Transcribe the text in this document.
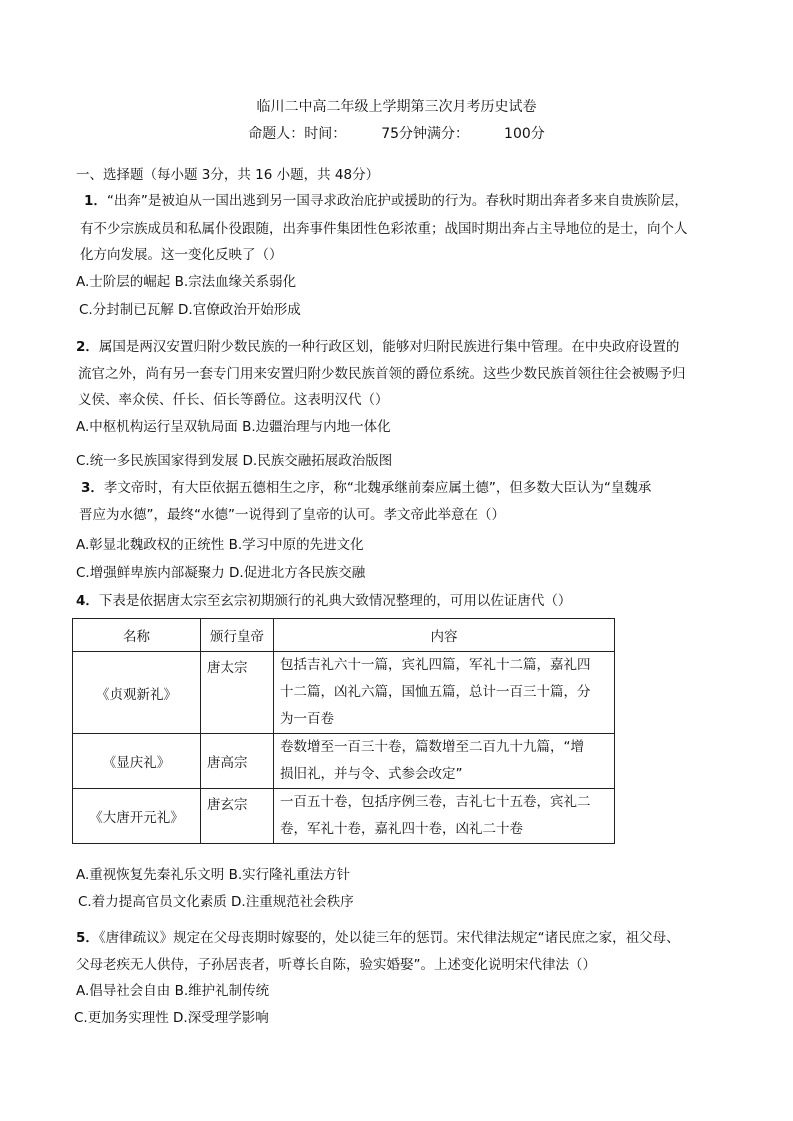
临川二中高二年级上学期第三次月考历史试卷
命题人：时间：　　　75分钟满分：　　　100分
一、选择题（每小题 3分，共 16 小题，共 48分）
1．“出奔”是被迫从一国出逃到另一国寻求政治庇护或援助的行为。春秋时期出奔者多来自贵族阶层，
有不少宗族成员和私属仆役跟随，出奔事件集团性色彩浓重；战国时期出奔占主导地位的是士，向个人
化方向发展。这一变化反映了（）
A.士阶层的崛起 B.宗法血缘关系弱化
C.分封制已瓦解 D.官僚政治开始形成
2．属国是两汉安置归附少数民族的一种行政区划，能够对归附民族进行集中管理。在中央政府设置的
流官之外，尚有另一套专门用来安置归附少数民族首领的爵位系统。这些少数民族首领往往会被赐予归
义侯、率众侯、仟长、佰长等爵位。这表明汉代（）
A.中枢机构运行呈双轨局面 B.边疆治理与内地一体化
C.统一多民族国家得到发展 D.民族交融拓展政治版图
3．孝文帝时，有大臣依据五德相生之序，称“北魏承继前秦应属土德”，但多数大臣认为“皇魏承
晋应为水德”，最终“水德”一说得到了皇帝的认可。孝文帝此举意在（）
A.彰显北魏政权的正统性 B.学习中原的先进文化
C.增强鲜卑族内部凝聚力 D.促进北方各民族交融
4．下表是依据唐太宗至玄宗初期颁行的礼典大致情况整理的，可用以佐证唐代（）
名称	颁行皇帝	内容
《贞观新礼》	唐太宗	包括吉礼六十一篇，宾礼四篇，军礼十二篇，嘉礼四
十二篇，凶礼六篇，国恤五篇，总计一百三十篇，分
为一百卷

《显庆礼》	唐高宗	卷数增至一百三十卷，篇数增至二百九十九篇，“增
损旧礼，并与令、式参会改定”

《大唐开元礼》	唐玄宗	一百五十卷，包括序例三卷，吉礼七十五卷，宾礼二
卷，军礼十卷，嘉礼四十卷，凶礼二十卷
A.重视恢复先秦礼乐文明 B.实行隆礼重法方针
C.着力提高官员文化素质 D.注重规范社会秩序
5．《唐律疏议》规定在父母丧期时嫁娶的，处以徒三年的惩罚。宋代律法规定“诸民庶之家，祖父母、
父母老疾无人供侍，子孙居丧者，听尊长自陈，验实婚娶”。上述变化说明宋代律法（）
A.倡导社会自由 B.维护礼制传统
C.更加务实理性 D.深受理学影响
